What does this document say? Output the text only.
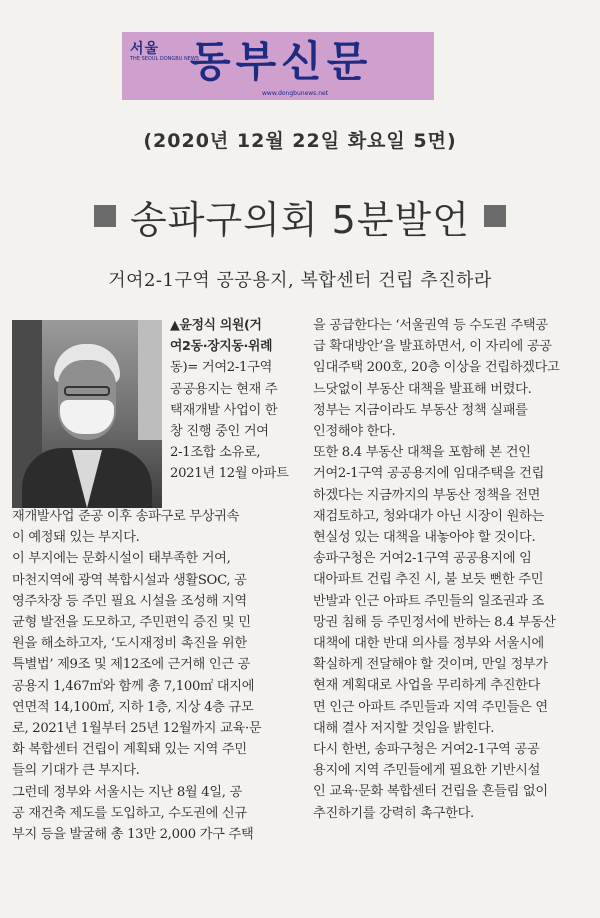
서울
THE SEOUL DONGBU NEWS
동부신문
www.dongbunews.net
(2020년 12월 22일 화요일 5면)
송파구의회 5분발언
거여2-1구역 공공용지, 복합센터 건립 추진하라
▲윤정식 의원(거
여2동·장지동·위례
동)= 거여2-1구역
공공용지는 현재 주
택재개발 사업이 한
창 진행 중인 거여
2-1조합 소유로,
2021년 12월 아파트
재개발사업 준공 이후 송파구로 무상귀속
이 예정돼 있는 부지다.
이 부지에는 문화시설이 태부족한 거여,
마천지역에 광역 복합시설과 생활SOC, 공
영주차장 등 주민 필요 시설을 조성해 지역
균형 발전을 도모하고, 주민편익 증진 및 민
원을 해소하고자, ‘도시재정비 촉진을 위한
특별법’ 제9조 및 제12조에 근거해 인근 공
공용지 1,467㎡와 함께 총 7,100㎡ 대지에
연면적 14,100㎡, 지하 1층, 지상 4층 규모
로, 2021년 1월부터 25년 12월까지 교육·문
화 복합센터 건립이 계획돼 있는 지역 주민
들의 기대가 큰 부지다.
그런데 정부와 서울시는 지난 8월 4일, 공
공 재건축 제도를 도입하고, 수도권에 신규
부지 등을 발굴해 총 13만 2,000 가구 주택
을 공급한다는 ‘서울권역 등 수도권 주택공
급 확대방안’을 발표하면서, 이 자리에 공공
임대주택 200호, 20층 이상을 건립하겠다고
느닷없이 부동산 대책을 발표해 버렸다.
정부는 지금이라도 부동산 정책 실패를
인정해야 한다.
또한 8.4 부동산 대책을 포함해 본 건인
거여2-1구역 공공용지에 임대주택을 건립
하겠다는 지금까지의 부동산 정책을 전면
재검토하고, 청와대가 아닌 시장이 원하는
현실성 있는 대책을 내놓아야 할 것이다.
송파구청은 거여2-1구역 공공용지에 임
대아파트 건립 추진 시, 불 보듯 뻔한 주민
반발과 인근 아파트 주민들의 일조권과 조
망권 침해 등 주민정서에 반하는 8.4 부동산
대책에 대한 반대 의사를 정부와 서울시에
확실하게 전달해야 할 것이며, 만일 정부가
현재 계획대로 사업을 무리하게 추진한다
면 인근 아파트 주민들과 지역 주민들은 연
대해 결사 저지할 것임을 밝힌다.
다시 한번, 송파구청은 거여2-1구역 공공
용지에 지역 주민들에게 필요한 기반시설
인 교육·문화 복합센터 건립을 흔들림 없이
추진하기를 강력히 촉구한다.
